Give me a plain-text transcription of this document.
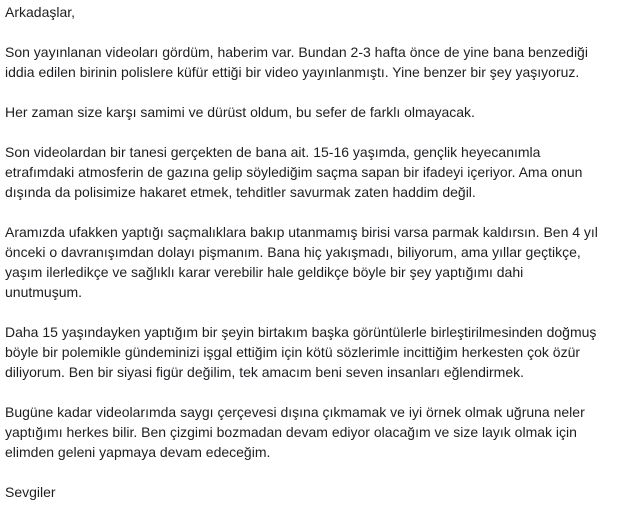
Arkadaşlar,

Son yayınlanan videoları gördüm, haberim var. Bundan 2-3 hafta önce de yine bana benzediği
iddia edilen birinin polislere küfür ettiği bir video yayınlanmıştı. Yine benzer bir şey yaşıyoruz.

Her zaman size karşı samimi ve dürüst oldum, bu sefer de farklı olmayacak.

Son videolardan bir tanesi gerçekten de bana ait. 15-16 yaşımda, gençlik heyecanımla
etrafımdaki atmosferin de gazına gelip söylediğim saçma sapan bir ifadeyi içeriyor. Ama onun
dışında da polisimize hakaret etmek, tehditler savurmak zaten haddim değil.

Aramızda ufakken yaptığı saçmalıklara bakıp utanmamış birisi varsa parmak kaldırsın. Ben 4 yıl
önceki o davranışımdan dolayı pişmanım. Bana hiç yakışmadı, biliyorum, ama yıllar geçtikçe,
yaşım ilerledikçe ve sağlıklı karar verebilir hale geldikçe böyle bir şey yaptığımı dahi
unutmuşum.

Daha 15 yaşındayken yaptığım bir şeyin birtakım başka görüntülerle birleştirilmesinden doğmuş
böyle bir polemikle gündeminizi işgal ettiğim için kötü sözlerimle incittiğim herkesten çok özür
diliyorum. Ben bir siyasi figür değilim, tek amacım beni seven insanları eğlendirmek.

Bugüne kadar videolarımda saygı çerçevesi dışına çıkmamak ve iyi örnek olmak uğruna neler
yaptığımı herkes bilir. Ben çizgimi bozmadan devam ediyor olacağım ve size layık olmak için
elimden geleni yapmaya devam edeceğim.

Sevgiler
